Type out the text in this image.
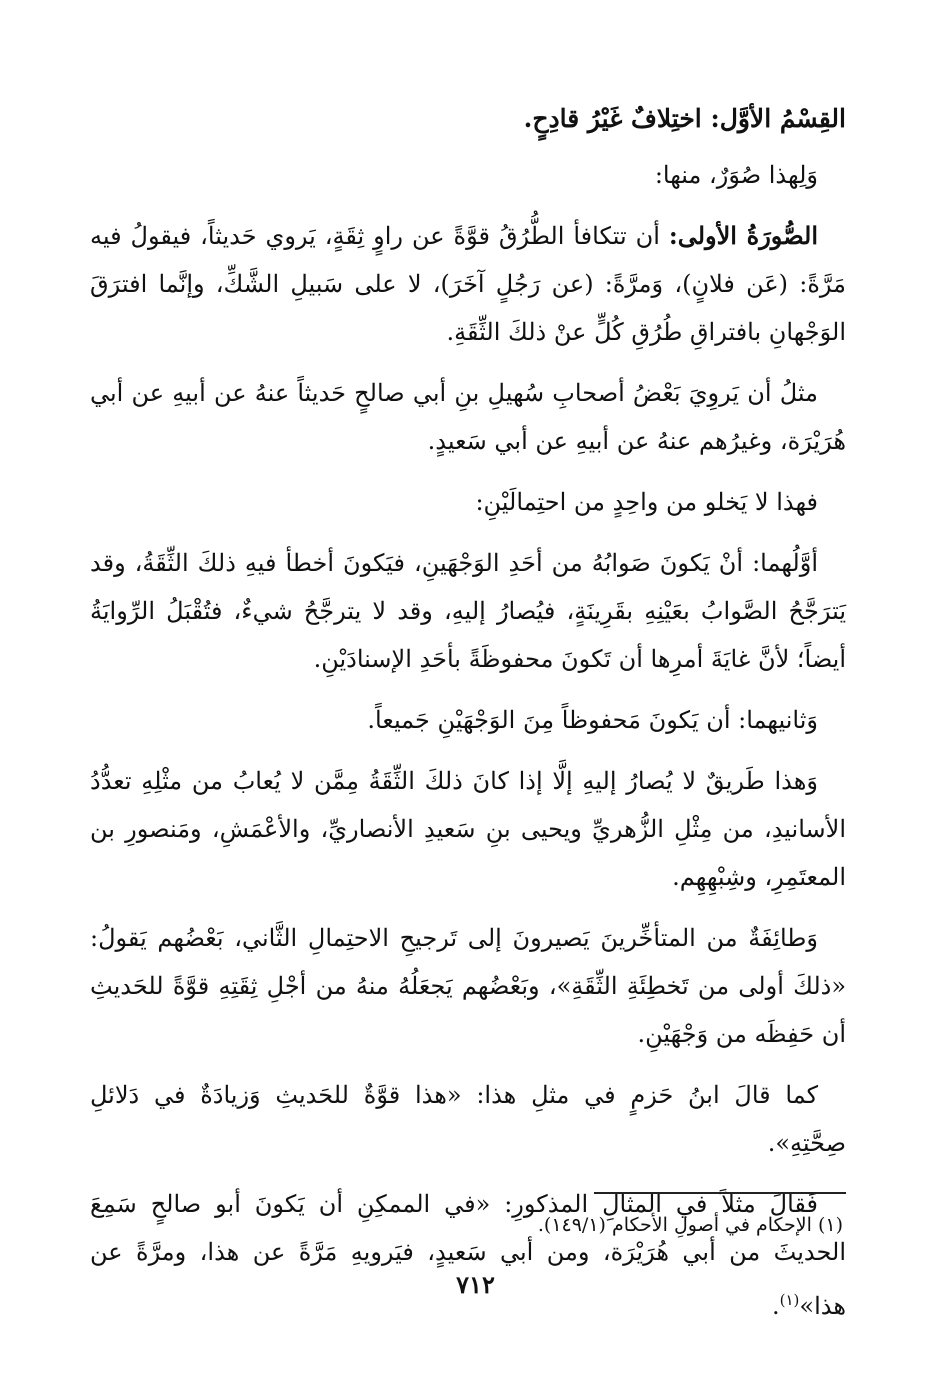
القِسْمُ الأوَّل: اختِلافٌ غَيْرُ قادِحٍ.
وَلِهذا صُوَرٌ، منها:
الصُّورَةُ الأولى: أن تتكافأ الطُّرُقُ قوَّةً عن راوٍ ثِقَةٍ، يَروي حَديثاً، فيقولُ فيه مَرَّةً: (عَن فلانٍ)، وَمرَّةً: (عن رَجُلٍ آخَرَ)، لا على سَبيلِ الشَّكِّ، وإنَّما افترَقَ الوَجْهانِ بافتراقِ طُرُقِ كُلٍّ عنْ ذلكَ الثِّقَةِ.
مثلُ أن يَروِيَ بَعْضُ أصحابِ سُهيلِ بنِ أبي صالحٍ حَديثاً عنهُ عن أبيهِ عن أبي هُرَيْرَة، وغيرُهم عنهُ عن أبيهِ عن أبي سَعيدٍ.
فهذا لا يَخلو من واحِدٍ من احتِمالَيْنِ:
أوَّلُهما: أنْ يَكونَ صَوابُهُ من أحَدِ الوَجْهَينِ، فيَكونَ أخطأ فيهِ ذلكَ الثِّقَةُ، وقد يَترَجَّحُ الصَّوابُ بعَيْنِهِ بقَرِينَةٍ، فيُصارُ إليهِ، وقد لا يترجَّحُ شيءٌ، فتُقْبَلُ الرِّوايَةُ أيضاً؛ لأنَّ غايَةَ أمرِها أن تَكونَ محفوظَةً بأحَدِ الإسنادَيْنِ.
وَثانيهما: أن يَكونَ مَحفوظاً مِنَ الوَجْهَيْنِ جَميعاً.
وَهذا طَريقٌ لا يُصارُ إليهِ إلَّا إذا كانَ ذلكَ الثِّقَةُ مِمَّن لا يُعابُ من مثْلِهِ تعدُّدُ الأسانيدِ، من مِثْلِ الزُّهريِّ ويحيى بنِ سَعيدِ الأنصاريِّ، والأعْمَشِ، ومَنصورِ بن المعتَمِرِ، وشِبْهِهِم.
وَطائِفَةٌ من المتأخِّرينَ يَصيرونَ إلى تَرجيحِ الاحتِمالِ الثَّاني، بَعْضُهم يَقولُ: «ذلكَ أولى من تَخطِئَةِ الثِّقَةِ»، وبَعْضُهم يَجعَلُهُ منهُ من أجْلِ ثِقَتِهِ قوَّةً للحَديثِ أن حَفِظَه من وَجْهَيْنِ.
كما قالَ ابنُ حَزمٍ في مثلِ هذا: «هذا قوَّةٌ للحَديثِ وَزيادَةٌ في دَلائلِ صِحَّتِهِ».
فَقالَ مثلاً في المثالِ المذكورِ: «في الممكِنِ أن يَكونَ أبو صالحٍ سَمِعَ الحديثَ من أبي هُرَيْرَة، ومن أبي سَعيدٍ، فيَرويهِ مَرَّةً عن هذا، ومرَّةً عن هذا»$^{(١)}$.
(١) الإحكام في أصولِ الأحكام (١٤٩/١).
٧١٢
